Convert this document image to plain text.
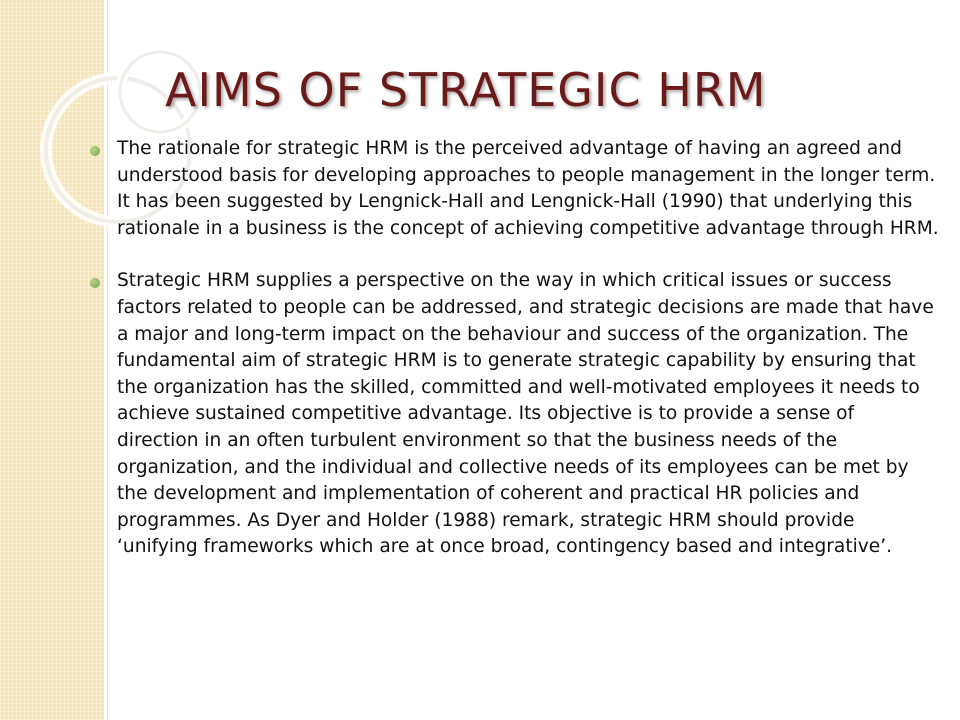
AIMS OF STRATEGIC HRM

The rationale for strategic HRM is the perceived advantage of having an agreed and understood basis for developing approaches to people management in the longer term. It has been suggested by Lengnick-Hall and Lengnick-Hall (1990) that underlying this rationale in a business is the concept of achieving competitive advantage through HRM.

Strategic HRM supplies a perspective on the way in which critical issues or success factors related to people can be addressed, and strategic decisions are made that have a major and long-term impact on the behaviour and success of the organization. The fundamental aim of strategic HRM is to generate strategic capability by ensuring that the organization has the skilled, committed and well-motivated employees it needs to achieve sustained competitive advantage. Its objective is to provide a sense of direction in an often turbulent environment so that the business needs of the organization, and the individual and collective needs of its employees can be met by the development and implementation of coherent and practical HR policies and programmes. As Dyer and Holder (1988) remark, strategic HRM should provide ‘unifying frameworks which are at once broad, contingency based and integrative’.
